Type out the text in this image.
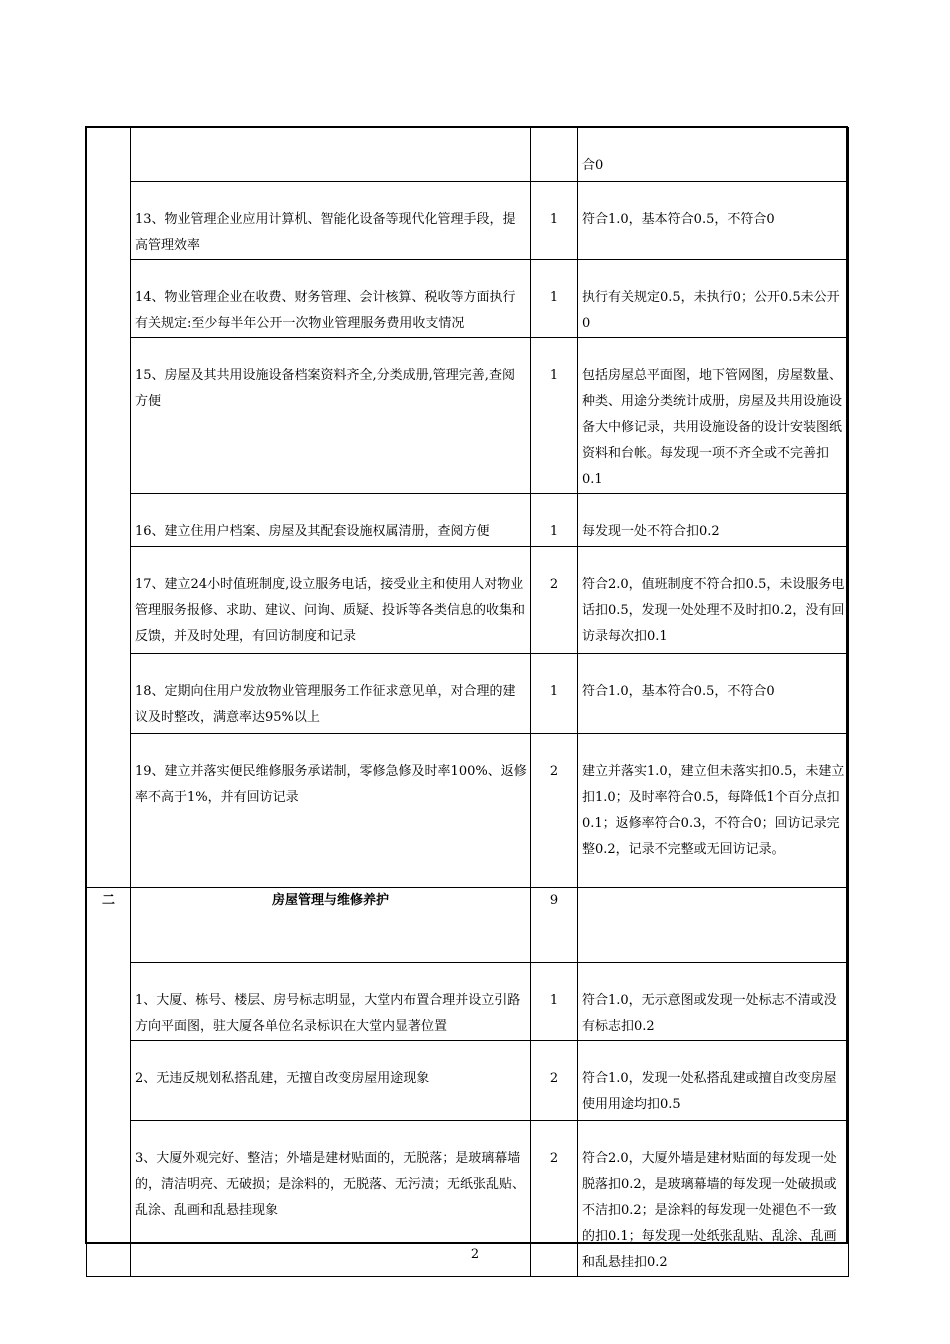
			合0

	13、物业管理企业应用计算机、智能化设备等现代化管理手段，提高管理效率	1	符合1.0，基本符合0.5，不符合0

	14、物业管理企业在收费、财务管理、会计核算、税收等方面执行有关规定:至少每半年公开一次物业管理服务费用收支情况	1	执行有关规定0.5，未执行0；公开0.5未公开0

	15、房屋及其共用设施设备档案资料齐全,分类成册,管理完善,查阅方便	1	包括房屋总平面图，地下管网图，房屋数量、种类、用途分类统计成册，房屋及共用设施设备大中修记录，共用设施设备的设计安装图纸资料和台帐。每发现一项不齐全或不完善扣0.1

	16、建立住用户档案、房屋及其配套设施权属清册，查阅方便	1	每发现一处不符合扣0.2

	17、建立24小时值班制度,设立服务电话，接受业主和使用人对物业管理服务报修、求助、建议、问询、质疑、投诉等各类信息的收集和反馈，并及时处理，有回访制度和记录	2	符合2.0，值班制度不符合扣0.5，未设服务电话扣0.5，发现一处处理不及时扣0.2，没有回访录每次扣0.1

	18、定期向住用户发放物业管理服务工作征求意见单，对合理的建议及时整改，满意率达95%以上	1	符合1.0，基本符合0.5，不符合0

	19、建立并落实便民维修服务承诺制，零修急修及时率100%、返修率不高于1%，并有回访记录	2	建立并落实1.0，建立但未落实扣0.5，未建立扣1.0；及时率符合0.5，每降低1个百分点扣0.1；返修率符合0.3，不符合0；回访记录完整0.2，记录不完整或无回访记录。

二	房屋管理与维修养护	9	

	1、大厦、栋号、楼层、房号标志明显，大堂内布置合理并设立引路方向平面图，驻大厦各单位名录标识在大堂内显著位置	1	符合1.0，无示意图或发现一处标志不清或没有标志扣0.2

	2、无违反规划私搭乱建，无擅自改变房屋用途现象	2	符合1.0，发现一处私搭乱建或擅自改变房屋使用用途均扣0.5

	3、大厦外观完好、整洁；外墙是建材贴面的，无脱落；是玻璃幕墙的，清洁明亮、无破损；是涂料的，无脱落、无污渍；无纸张乱贴、乱涂、乱画和乱悬挂现象	2	符合2.0，大厦外墙是建材贴面的每发现一处脱落扣0.2，是玻璃幕墙的每发现一处破损或不洁扣0.2；是涂料的每发现一处褪色不一致的扣0.1；每发现一处纸张乱贴、乱涂、乱画和乱悬挂扣0.2
2
